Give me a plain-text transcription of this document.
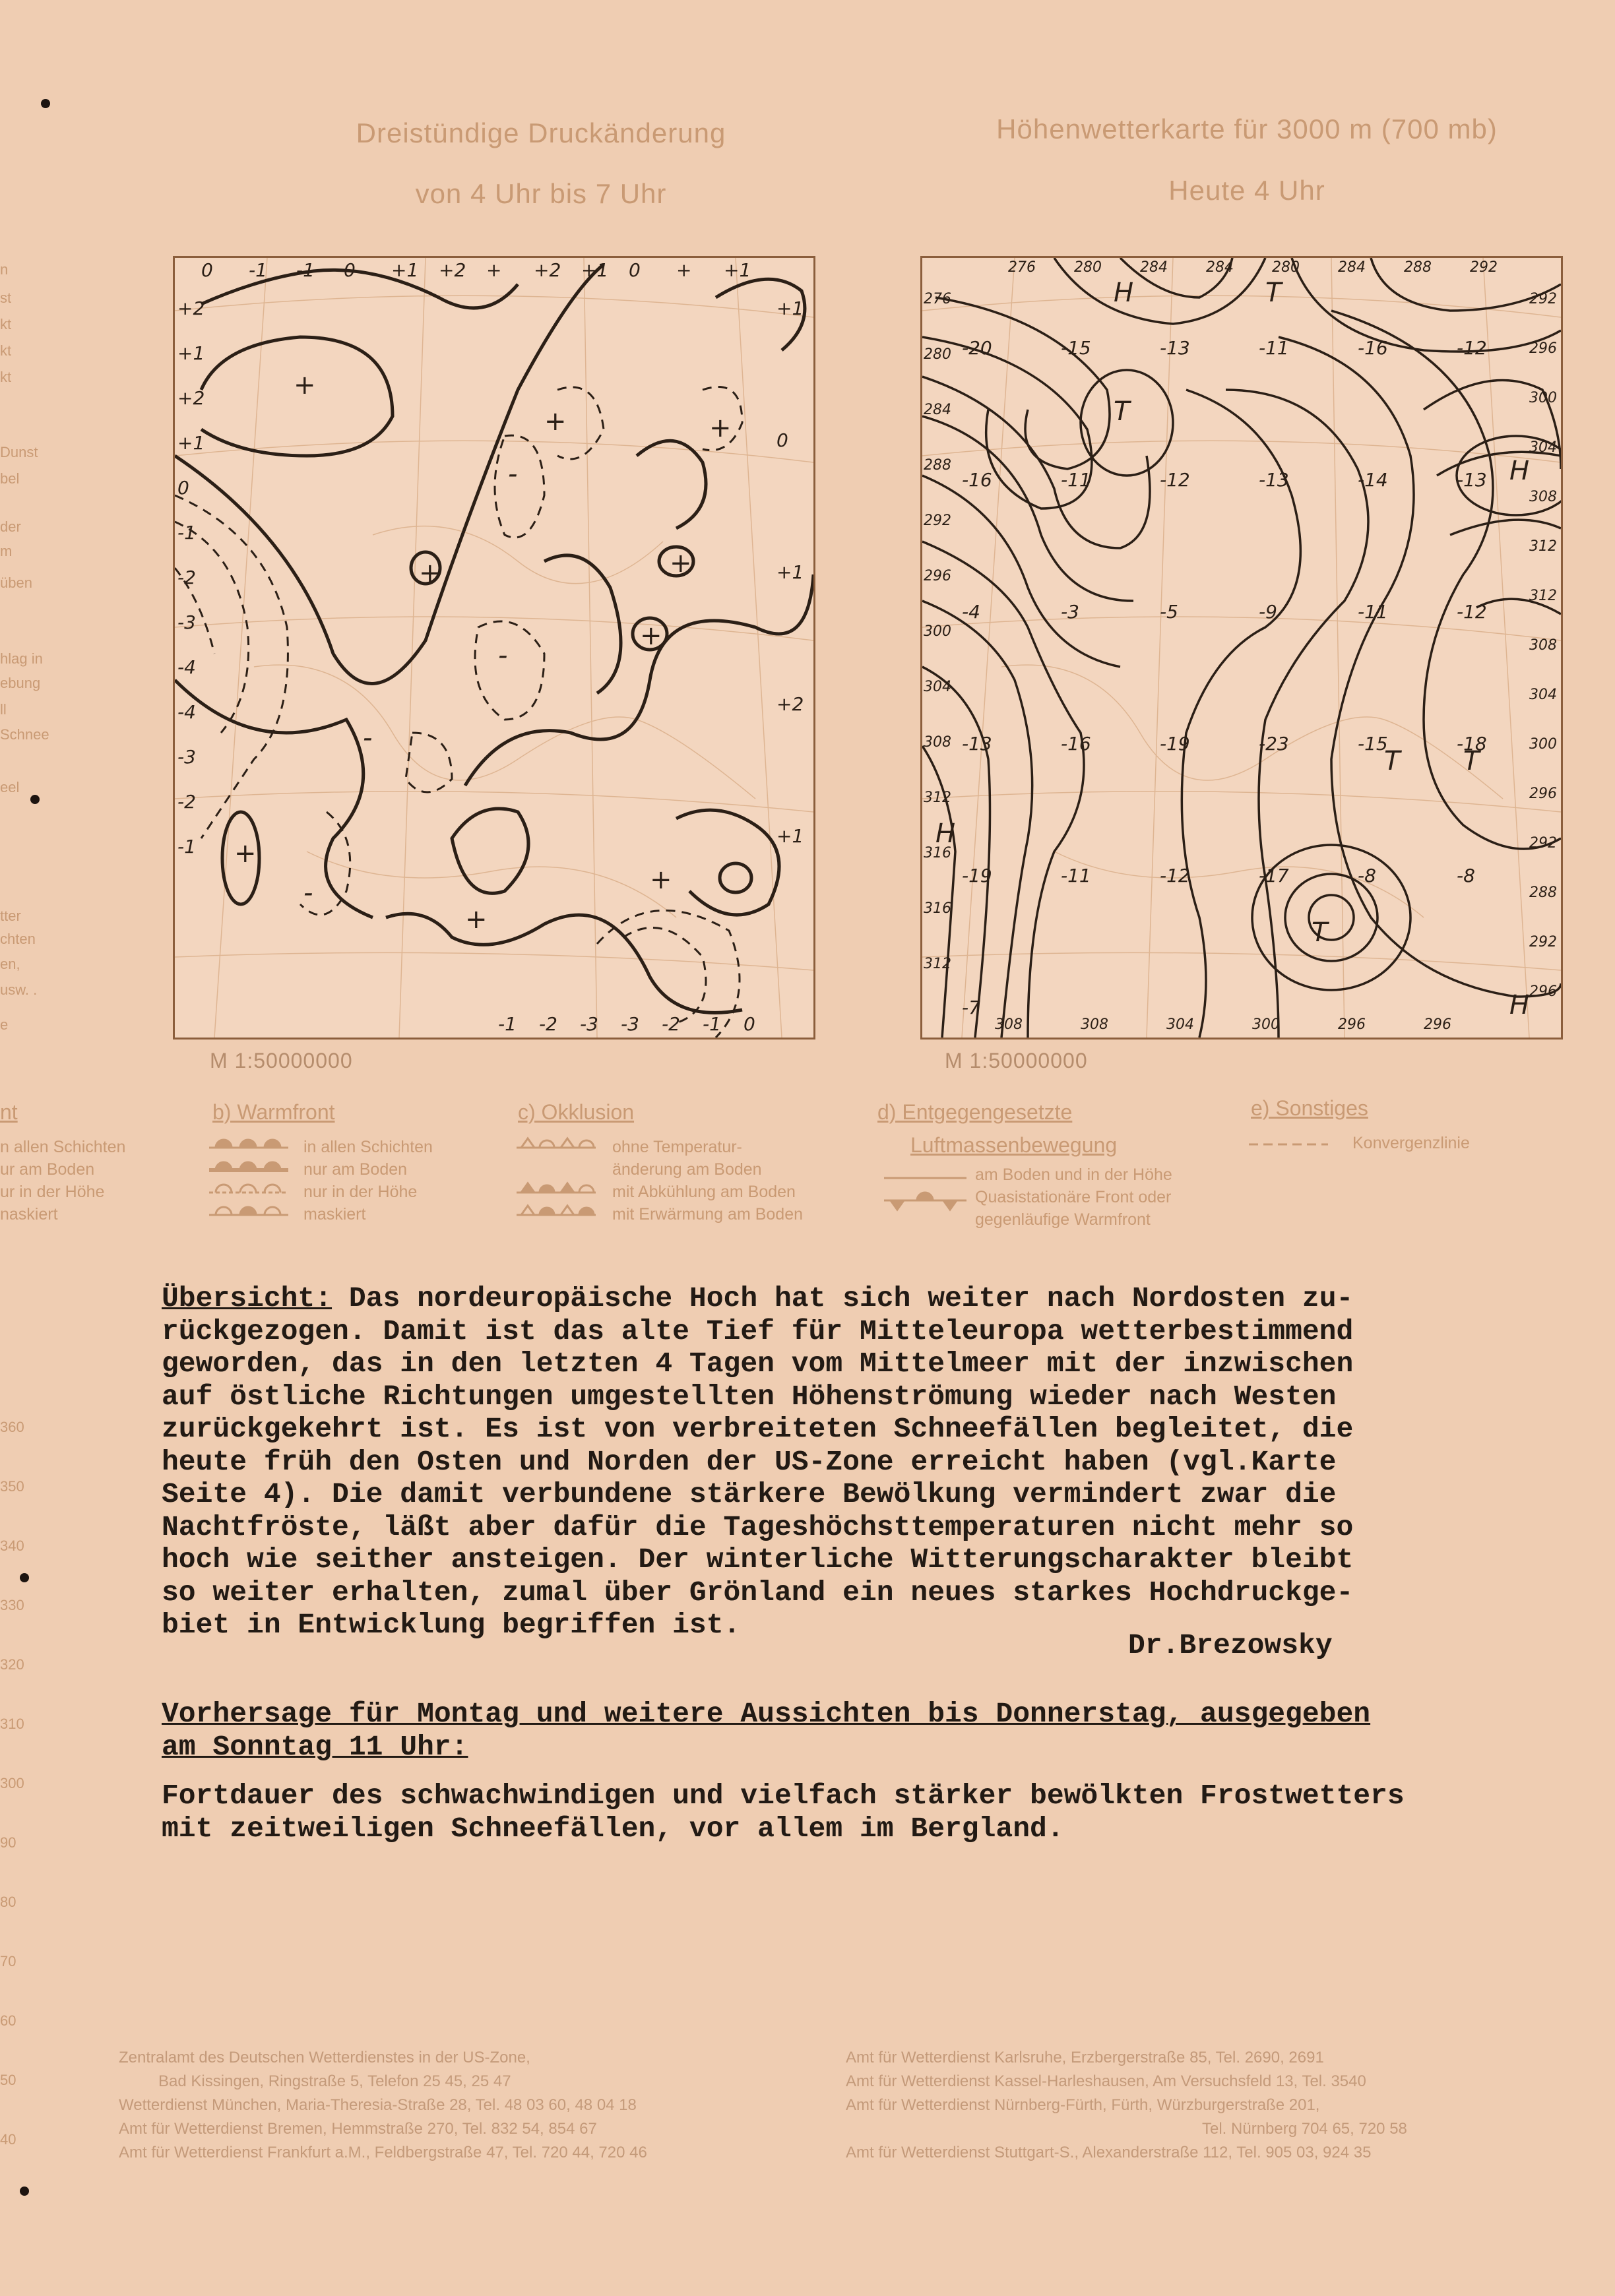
n
st
kt
kt
kt
Dunst
bel
der
m
üben
hlag in
ebung
ll
Schnee
eel
tter
chten
en,
usw. .
e
360
350
340
330
320
310
300
90
80
70
60
50
40
Dreistündige Druckänderung
von 4 Uhr bis 7 Uhr
Höhenwetterkarte für 3000 m (700 mb)
Heute 4 Uhr
0 -1 -1 0 +1 +2 + +2 +1 0 + +1
+2
+1
+2
+1
0
-1
-2
-3
-4
-4
-3
-2
-1
-1 -2 -3 -3 -2 -1 0
+1
0
+1
+2
+1
+
-
+	+
+
-
+	+
-
+
+
-
+
M 1:50000000
276
280
284
288
292
296
300
304
308
312
316
316
312
292
296
300
304
308
312
312
308
304
300
296
292
288
292
296
276	280	284	284	280	284	288	292
308	308	304	300	296	296
H	T
T
T
H
H
T T
H
-20	-15	-13	-11	-16	-12
-16	-11	-12	-13	-14	-13
-4	-3	-5	-9	-11	-12
-13	-16	-19	-23	-15	-18
-19	-11	-12	-17	-8	-8
-7
M 1:50000000
nt
n allen Schichten
ur am Boden
ur in der Höhe
naskiert
b) Warmfront
in allen Schichten
nur am Boden
nur in der Höhe
maskiert
c) Okklusion
ohne Temperatur-
änderung am Boden
mit Abkühlung am Boden
mit Erwärmung am Boden
d) Entgegengesetzte
Luftmassenbewegung
am Boden und in der Höhe
Quasistationäre Front oder
gegenläufige Warmfront
e) Sonstiges
Konvergenzlinie
Übersicht: Das nordeuropäische Hoch hat sich weiter nach Nordosten zu-
rückgezogen. Damit ist das alte Tief für Mitteleuropa wetterbestimmend
geworden, das in den letzten 4 Tagen vom Mittelmeer mit der inzwischen
auf östliche Richtungen umgestellten Höhenströmung wieder nach Westen
zurückgekehrt ist. Es ist von verbreiteten Schneefällen begleitet, die
heute früh den Osten und Norden der US-Zone erreicht haben (vgl.Karte
Seite 4). Die damit verbundene stärkere Bewölkung vermindert zwar die
Nachtfröste, läßt aber dafür die Tageshöchsttemperaturen nicht mehr so
hoch wie seither ansteigen. Der winterliche Witterungscharakter bleibt
so weiter erhalten, zumal über Grönland ein neues starkes Hochdruckge-
biet in Entwicklung begriffen ist.
Dr.Brezowsky
Vorhersage für Montag und weitere Aussichten bis Donnerstag, ausgegeben
am Sonntag 11 Uhr:
Fortdauer des schwachwindigen und vielfach stärker bewölkten Frostwetters
mit zeitweiligen Schneefällen, vor allem im Bergland.
Zentralamt des Deutschen Wetterdienstes in der US-Zone,
Bad Kissingen, Ringstraße 5, Telefon 25 45, 25 47
Wetterdienst München, Maria-Theresia-Straße 28, Tel. 48 03 60, 48 04 18
Amt für Wetterdienst Bremen, Hemmstraße 270, Tel. 832 54, 854 67
Amt für Wetterdienst Frankfurt a.M., Feldbergstraße 47, Tel. 720 44, 720 46
Amt für Wetterdienst Karlsruhe, Erzbergerstraße 85, Tel. 2690, 2691
Amt für Wetterdienst Kassel-Harleshausen, Am Versuchsfeld 13, Tel. 3540
Amt für Wetterdienst Nürnberg-Fürth, Fürth, Würzburgerstraße 201,
Tel. Nürnberg 704 65, 720 58
Amt für Wetterdienst Stuttgart-S., Alexanderstraße 112, Tel. 905 03, 924 35
